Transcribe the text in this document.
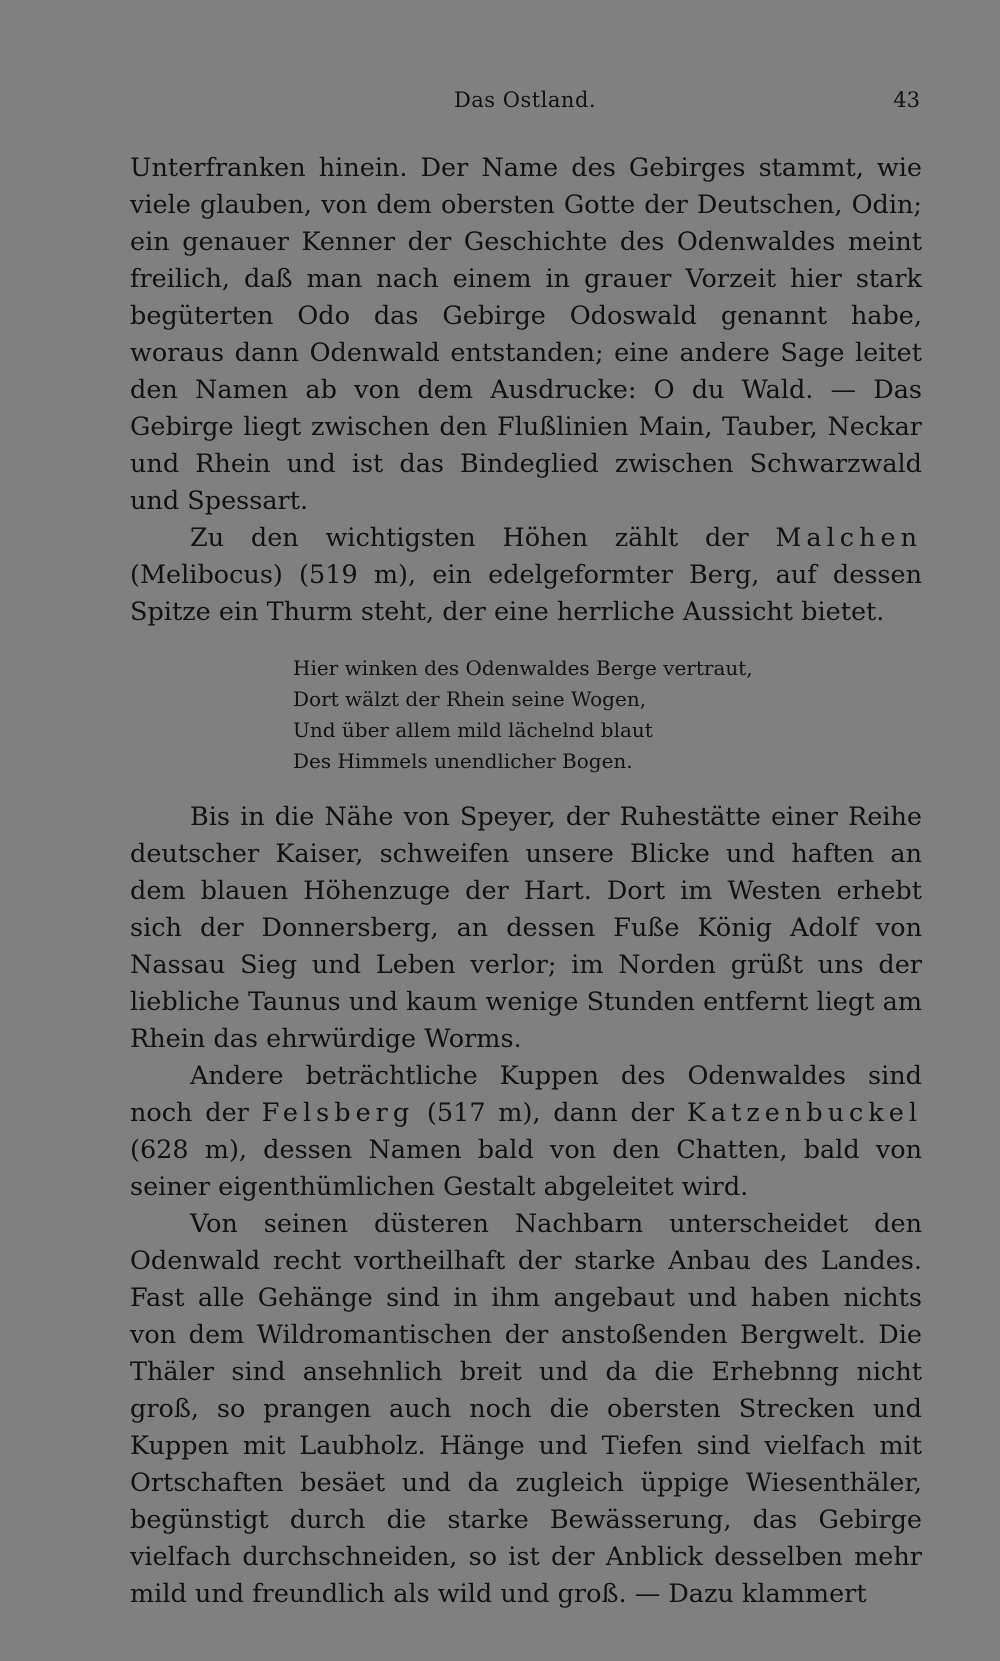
Das Ostland.	43

Unterfranken hinein. Der Name des Gebirges stammt, wie viele glauben, von dem obersten Gotte der Deutschen, Odin; ein genauer Kenner der Geschichte des Odenwaldes meint freilich, daß man nach einem in grauer Vorzeit hier stark begüterten Odo das Gebirge Odoswald genannt habe, woraus dann Odenwald entstanden; eine andere Sage leitet den Namen ab von dem Ausdrucke: O du Wald. — Das Gebirge liegt zwischen den Flußlinien Main, Tauber, Neckar und Rhein und ist das Bindeglied zwischen Schwarzwald und Spessart.

Zu den wichtigsten Höhen zählt der Malchen (Melibocus) (519 m), ein edelgeformter Berg, auf dessen Spitze ein Thurm steht, der eine herrliche Aussicht bietet.

Hier winken des Odenwaldes Berge vertraut,
Dort wälzt der Rhein seine Wogen,
Und über allem mild lächelnd blaut
Des Himmels unendlicher Bogen.

Bis in die Nähe von Speyer, der Ruhestätte einer Reihe deutscher Kaiser, schweifen unsere Blicke und haften an dem blauen Höhenzuge der Hart. Dort im Westen erhebt sich der Donnersberg, an dessen Fuße König Adolf von Nassau Sieg und Leben verlor; im Norden grüßt uns der liebliche Taunus und kaum wenige Stunden entfernt liegt am Rhein das ehrwürdige Worms.

Andere beträchtliche Kuppen des Odenwaldes sind noch der Felsberg (517 m), dann der Katzenbuckel (628 m), dessen Namen bald von den Chatten, bald von seiner eigenthümlichen Gestalt abgeleitet wird.

Von seinen düsteren Nachbarn unterscheidet den Odenwald recht vortheilhaft der starke Anbau des Landes. Fast alle Gehänge sind in ihm angebaut und haben nichts von dem Wildromantischen der anstoßenden Bergwelt. Die Thäler sind ansehnlich breit und da die Erhebnng nicht groß, so prangen auch noch die obersten Strecken und Kuppen mit Laubholz. Hänge und Tiefen sind vielfach mit Ortschaften besäet und da zugleich üppige Wiesenthäler, begünstigt durch die starke Bewässerung, das Gebirge vielfach durchschneiden, so ist der Anblick desselben mehr mild und freundlich als wild und groß. — Dazu klammert
